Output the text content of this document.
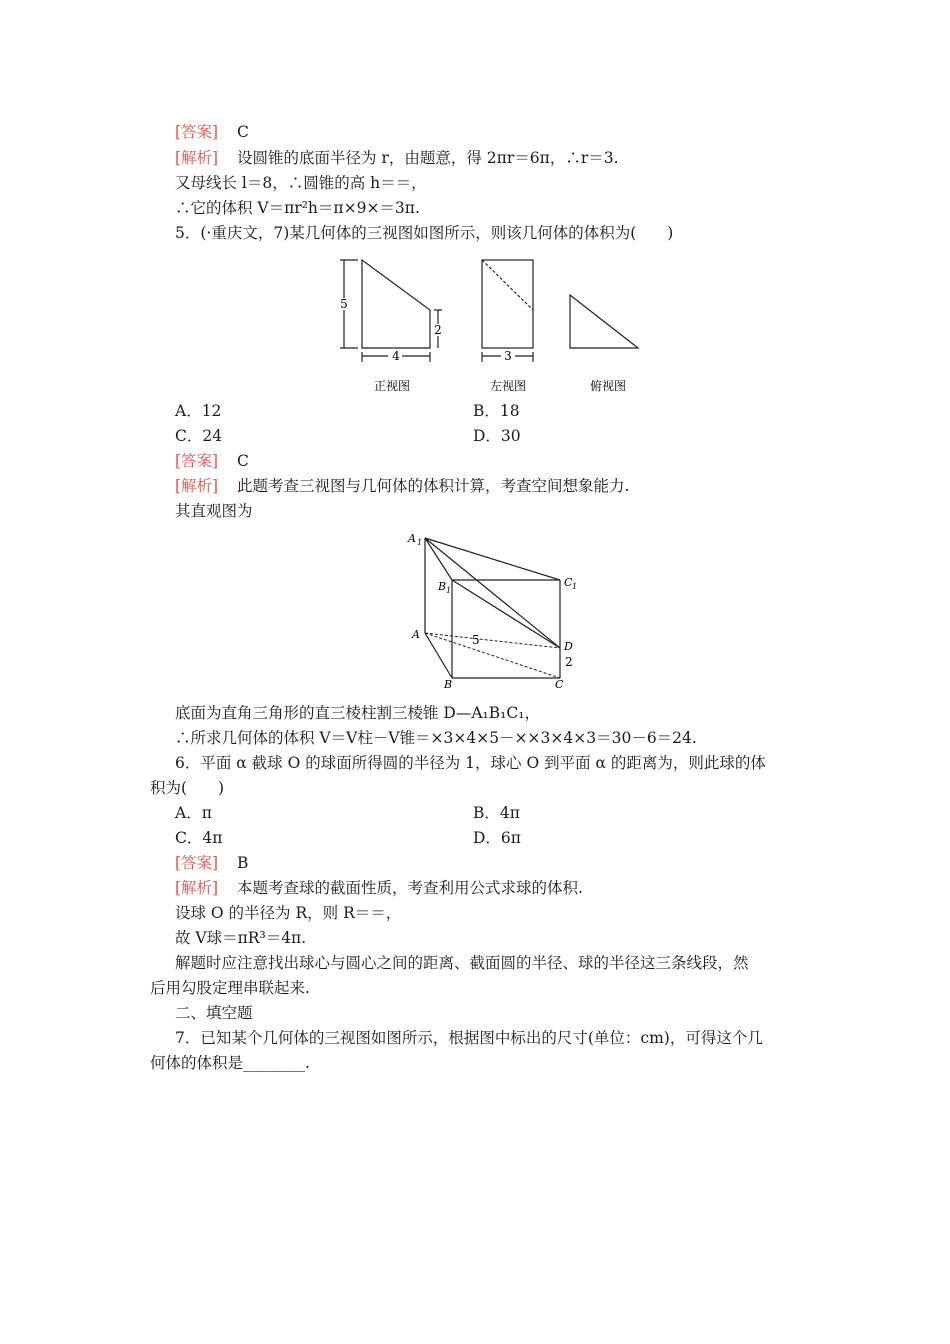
[答案] C
[解析] 设圆锥的底面半径为 r，由题意，得 2πr＝6π，∴r＝3.
又母线长 l＝8，∴圆锥的高 h＝＝，
∴它的体积 V＝πr²h＝π×9×＝3π.
5．(·重庆文，7)某几何体的三视图如图所示，则该几何体的体积为(　　)
5
4
2
3
正视图	左视图	俯视图
A．12	B．18
C．24	D．30
[答案] C
[解析] 此题考查三视图与几何体的体积计算，考查空间想象能力.
其直观图为
A 1
B 1
C 1
A
B	C
D
5
2
底面为直角三角形的直三棱柱割三棱锥 D—A₁B₁C₁，
∴所求几何体的体积 V＝V柱－V锥＝×3×4×5－××3×4×3＝30－6＝24.
6．平面 α 截球 O 的球面所得圆的半径为 1，球心 O 到平面 α 的距离为，则此球的体
积为(　　)
A．π	B．4π
C．4π	D．6π
[答案] B
[解析] 本题考查球的截面性质，考查利用公式求球的体积.
设球 O 的半径为 R，则 R＝＝，
故 V球＝πR³＝4π.
解题时应注意找出球心与圆心之间的距离、截面圆的半径、球的半径这三条线段，然
后用勾股定理串联起来.
二、填空题
7．已知某个几何体的三视图如图所示，根据图中标出的尺寸(单位：cm)，可得这个几
何体的体积是________.
